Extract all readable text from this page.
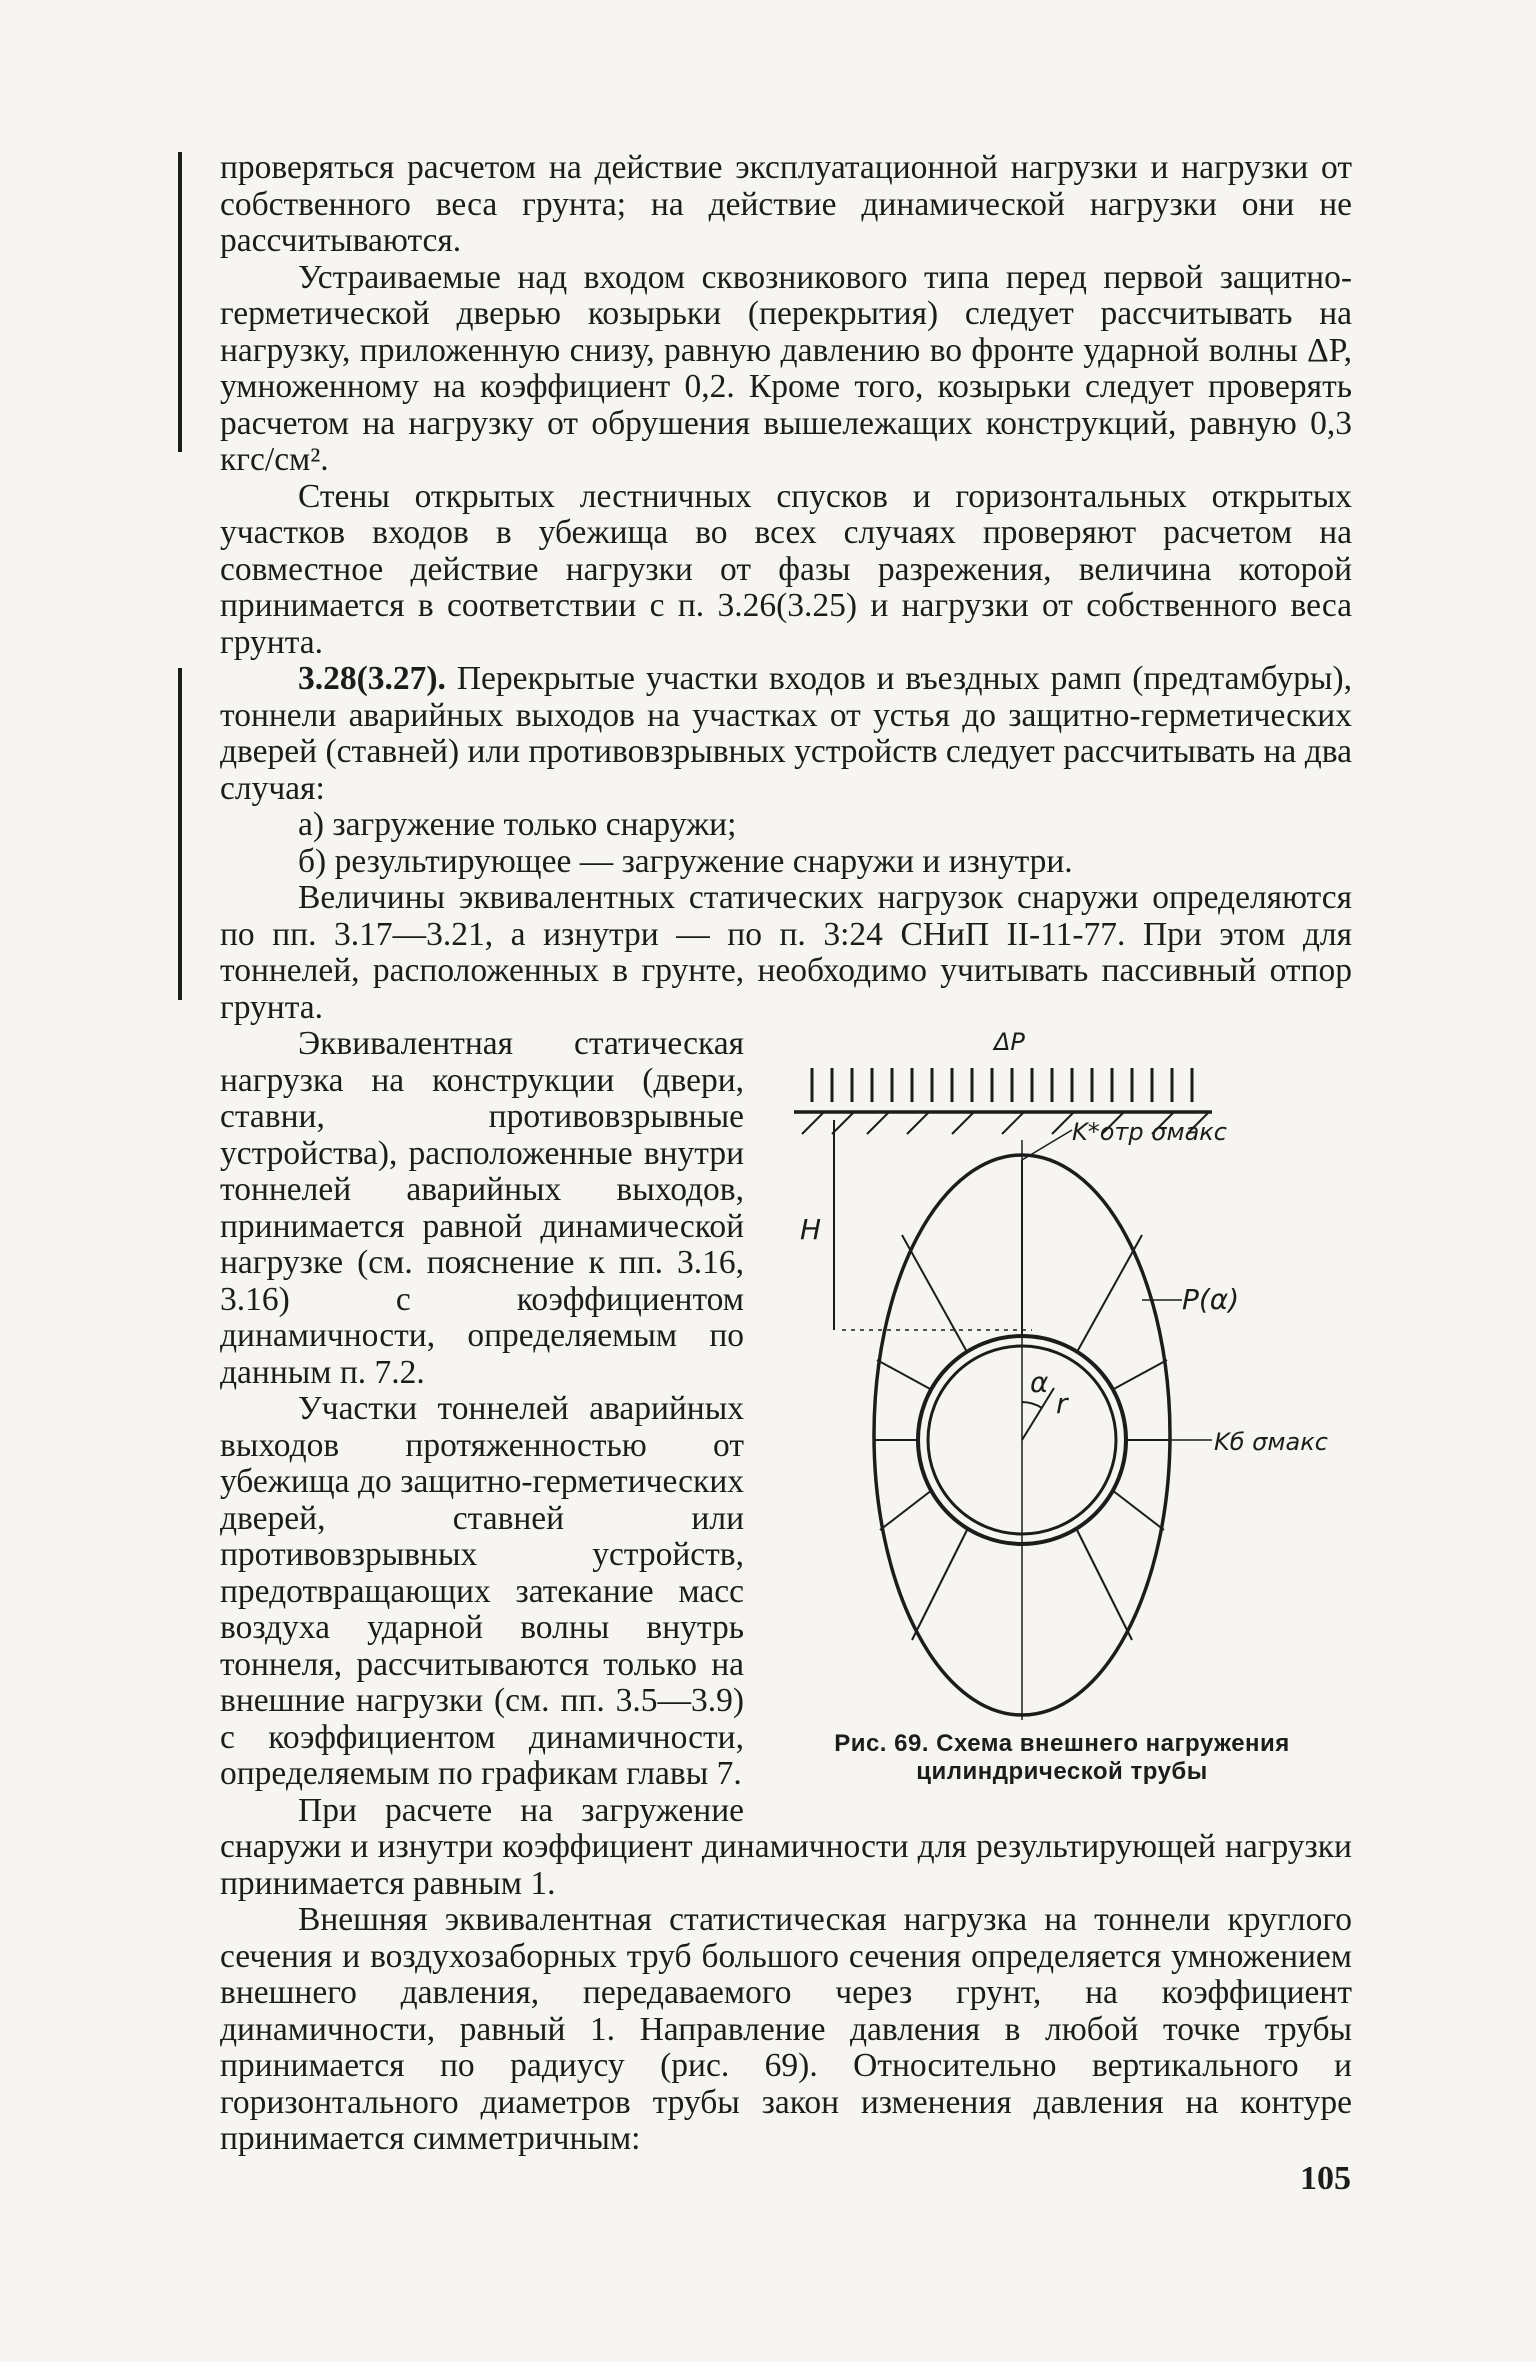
проверяться расчетом на действие эксплуатационной нагрузки и нагрузки от собственного веса грунта; на действие динамической нагрузки они не рассчитываются.

Устраиваемые над входом сквозникового типа перед первой защитно-герметической дверью козырьки (перекрытия) следует рассчитывать на нагрузку, приложенную снизу, равную давлению во фронте ударной волны ΔP, умноженному на коэффициент 0,2. Кроме того, козырьки следует проверять расчетом на нагрузку от обрушения вышележащих конструкций, равную 0,3 кгс/см².

Стены открытых лестничных спусков и горизонтальных открытых участков входов в убежища во всех случаях проверяют расчетом на совместное действие нагрузки от фазы разрежения, величина которой принимается в соответствии с п. 3.26(3.25) и нагрузки от собственного веса грунта.

3.28(3.27). Перекрытые участки входов и въездных рамп (предтамбуры), тоннели аварийных выходов на участках от устья до защитно-герметических дверей (ставней) или противовзрывных устройств следует рассчитывать на два случая:

а) загружение только снаружи;

б) результирующее — загружение снаружи и изнутри.

Величины эквивалентных статических нагрузок снаружи определяются по пп. 3.17—3.21, а изнутри — по п. 3:24 СНиП II-11-77. При этом для тоннелей, расположенных в грунте, необходимо учитывать пассивный отпор грунта.

ΔP
H
K*отр σмакс
P(α)
α
r
Kб σмакс
Рис. 69. Схема внешнего нагружения цилиндрической трубы

Эквивалентная статическая нагрузка на конструкции (двери, ставни, противовзрывные устройства), расположенные внутри тоннелей аварийных выходов, принимается равной динамической нагрузке (см. пояснение к пп. 3.16, 3.16) с коэффициентом динамичности, определяемым по данным п. 7.2.

Участки тоннелей аварийных выходов протяженностью от убежища до защитно-герметических дверей, ставней или противовзрывных устройств, предотвращающих затекание масс воздуха ударной волны внутрь тоннеля, рассчитываются только на внешние нагрузки (см. пп. 3.5—3.9) с коэффициентом динамичности, определяемым по графикам главы 7.

При расчете на загружение снаружи и изнутри коэффициент динамичности для результирующей нагрузки принимается равным 1.

Внешняя эквивалентная статистическая нагрузка на тоннели круглого сечения и воздухозаборных труб большого сечения определяется умножением внешнего давления, передаваемого через грунт, на коэффициент динамичности, равный 1. Направление давления в любой точке трубы принимается по радиусу (рис. 69). Относительно вертикального и горизонтального диаметров трубы закон изменения давления на контуре принимается симметричным:

105
